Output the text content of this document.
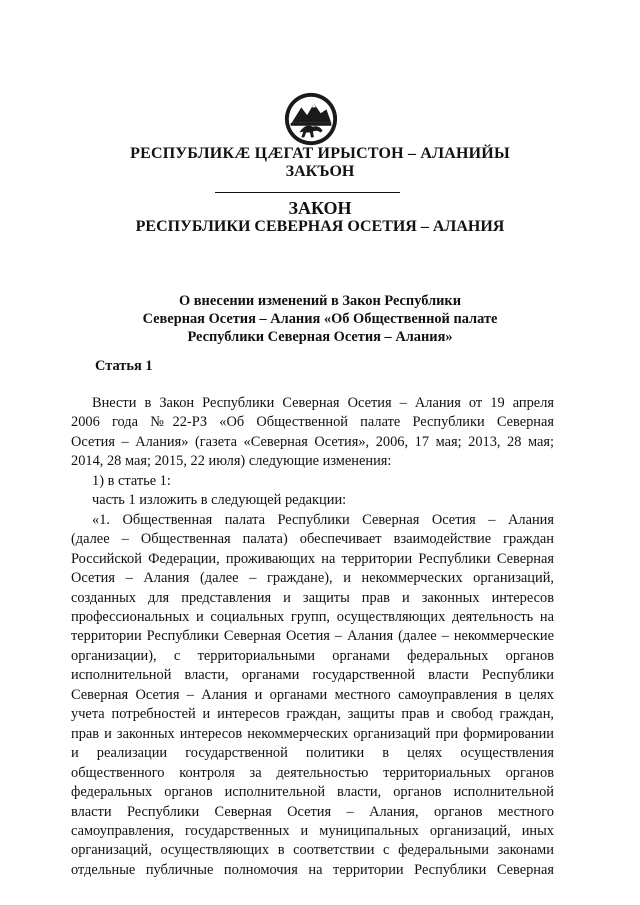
РЕСПУБЛИКӔ ЦӔГАТ ИРЫСТОН – АЛАНИЙЫ
ЗАКЪОН
ЗАКОН
РЕСПУБЛИКИ СЕВЕРНАЯ ОСЕТИЯ – АЛАНИЯ
О внесении изменений в Закон Республики
Северная Осетия – Алания «Об Общественной палате
Республики Северная Осетия – Алания»
Статья 1
Внести в Закон Республики Северная Осетия – Алания от 19 апреля
2006 года №22-РЗ «Об Общественной палате Республики Северная
Осетия – Алания» (газета «Северная Осетия», 2006, 17 мая; 2013, 28 мая;
2014, 28 мая; 2015, 22 июля) следующие изменения:
1) в статье 1:
часть 1 изложить в следующей редакции:
«1. Общественная палата Республики Северная Осетия – Алания
(далее – Общественная палата) обеспечивает взаимодействие граждан
Российской Федерации, проживающих на территории Республики Северная
Осетия – Алания (далее – граждане), и некоммерческих организаций,
созданных для представления и защиты прав и законных интересов
профессиональных и социальных групп, осуществляющих деятельность на
территории Республики Северная Осетия – Алания (далее – некоммерческие
организации), с территориальными органами федеральных органов
исполнительной власти, органами государственной власти Республики
Северная Осетия – Алания и органами местного самоуправления в целях
учета потребностей и интересов граждан, защиты прав и свобод граждан,
прав и законных интересов некоммерческих организаций при формировании
и реализации государственной политики в целях осуществления
общественного контроля за деятельностью территориальных органов
федеральных органов исполнительной власти, органов исполнительной
власти Республики Северная Осетия – Алания, органов местного
самоуправления, государственных и муниципальных организаций, иных
организаций, осуществляющих в соответствии с федеральными законами
отдельные публичные полномочия на территории Республики Северная
